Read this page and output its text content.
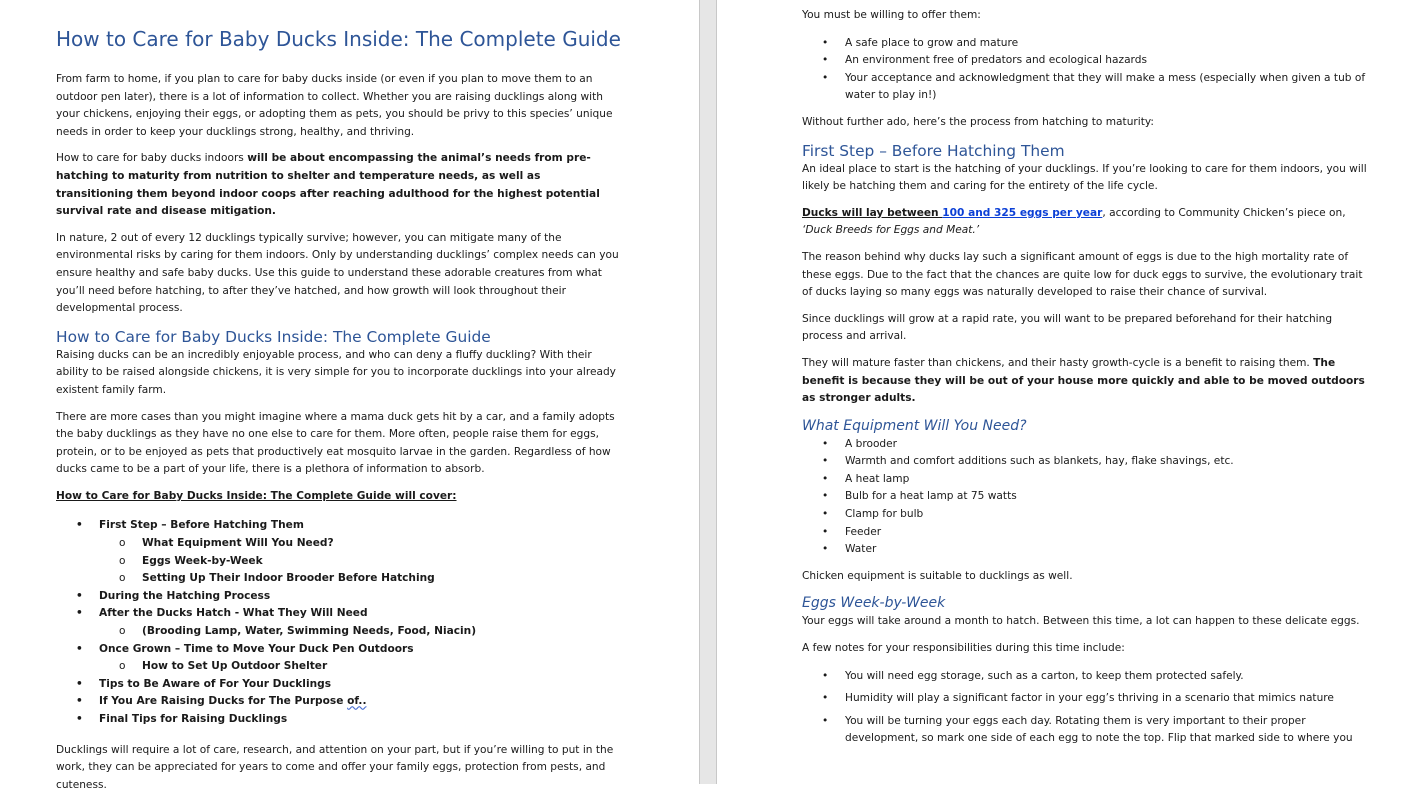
How to Care for Baby Ducks Inside: The Complete Guide

From farm to home, if you plan to care for baby ducks inside (or even if you plan to move them to an outdoor pen later), there is a lot of information to collect. Whether you are raising ducklings along with your chickens, enjoying their eggs, or adopting them as pets, you should be privy to this species’ unique needs in order to keep your ducklings strong, healthy, and thriving.

How to care for baby ducks indoors will be about encompassing the animal’s needs from pre-hatching to maturity from nutrition to shelter and temperature needs, as well as transitioning them beyond indoor coops after reaching adulthood for the highest potential survival rate and disease mitigation.

In nature, 2 out of every 12 ducklings typically survive; however, you can mitigate many of the environmental risks by caring for them indoors. Only by understanding ducklings’ complex needs can you ensure healthy and safe baby ducks. Use this guide to understand these adorable creatures from what you’ll need before hatching, to after they’ve hatched, and how growth will look throughout their developmental process.

How to Care for Baby Ducks Inside: The Complete Guide

Raising ducks can be an incredibly enjoyable process, and who can deny a fluffy duckling? With their ability to be raised alongside chickens, it is very simple for you to incorporate ducklings into your already existent family farm.

There are more cases than you might imagine where a mama duck gets hit by a car, and a family adopts the baby ducklings as they have no one else to care for them. More often, people raise them for eggs, protein, or to be enjoyed as pets that productively eat mosquito larvae in the garden. Regardless of how ducks came to be a part of your life, there is a plethora of information to absorb.

How to Care for Baby Ducks Inside: The Complete Guide will cover:

• First Step – Before Hatching Them
o What Equipment Will You Need?
o Eggs Week-by-Week
o Setting Up Their Indoor Brooder Before Hatching
• During the Hatching Process
• After the Ducks Hatch - What They Will Need
o (Brooding Lamp, Water, Swimming Needs, Food, Niacin)
• Once Grown – Time to Move Your Duck Pen Outdoors
o How to Set Up Outdoor Shelter
• Tips to Be Aware of For Your Ducklings
• If You Are Raising Ducks for The Purpose of..
• Final Tips for Raising Ducklings

Ducklings will require a lot of care, research, and attention on your part, but if you’re willing to put in the work, they can be appreciated for years to come and offer your family eggs, protection from pests, and cuteness.

You must be willing to offer them:

• A safe place to grow and mature
• An environment free of predators and ecological hazards
• Your acceptance and acknowledgment that they will make a mess (especially when given a tub of water to play in!)

Without further ado, here’s the process from hatching to maturity:

First Step – Before Hatching Them

An ideal place to start is the hatching of your ducklings. If you’re looking to care for them indoors, you will likely be hatching them and caring for the entirety of the life cycle.

Ducks will lay between 100 and 325 eggs per year, according to Community Chicken’s piece on, ‘Duck Breeds for Eggs and Meat.’

The reason behind why ducks lay such a significant amount of eggs is due to the high mortality rate of these eggs. Due to the fact that the chances are quite low for duck eggs to survive, the evolutionary trait of ducks laying so many eggs was naturally developed to raise their chance of survival.

Since ducklings will grow at a rapid rate, you will want to be prepared beforehand for their hatching process and arrival.

They will mature faster than chickens, and their hasty growth-cycle is a benefit to raising them. The benefit is because they will be out of your house more quickly and able to be moved outdoors as stronger adults.

What Equipment Will You Need?
• A brooder
• Warmth and comfort additions such as blankets, hay, flake shavings, etc.
• A heat lamp
• Bulb for a heat lamp at 75 watts
• Clamp for bulb
• Feeder
• Water

Chicken equipment is suitable to ducklings as well.

Eggs Week-by-Week

Your eggs will take around a month to hatch. Between this time, a lot can happen to these delicate eggs.

A few notes for your responsibilities during this time include:

• You will need egg storage, such as a carton, to keep them protected safely.
• Humidity will play a significant factor in your egg’s thriving in a scenario that mimics nature
• You will be turning your eggs each day. Rotating them is very important to their proper development, so mark one side of each egg to note the top. Flip that marked side to where you
